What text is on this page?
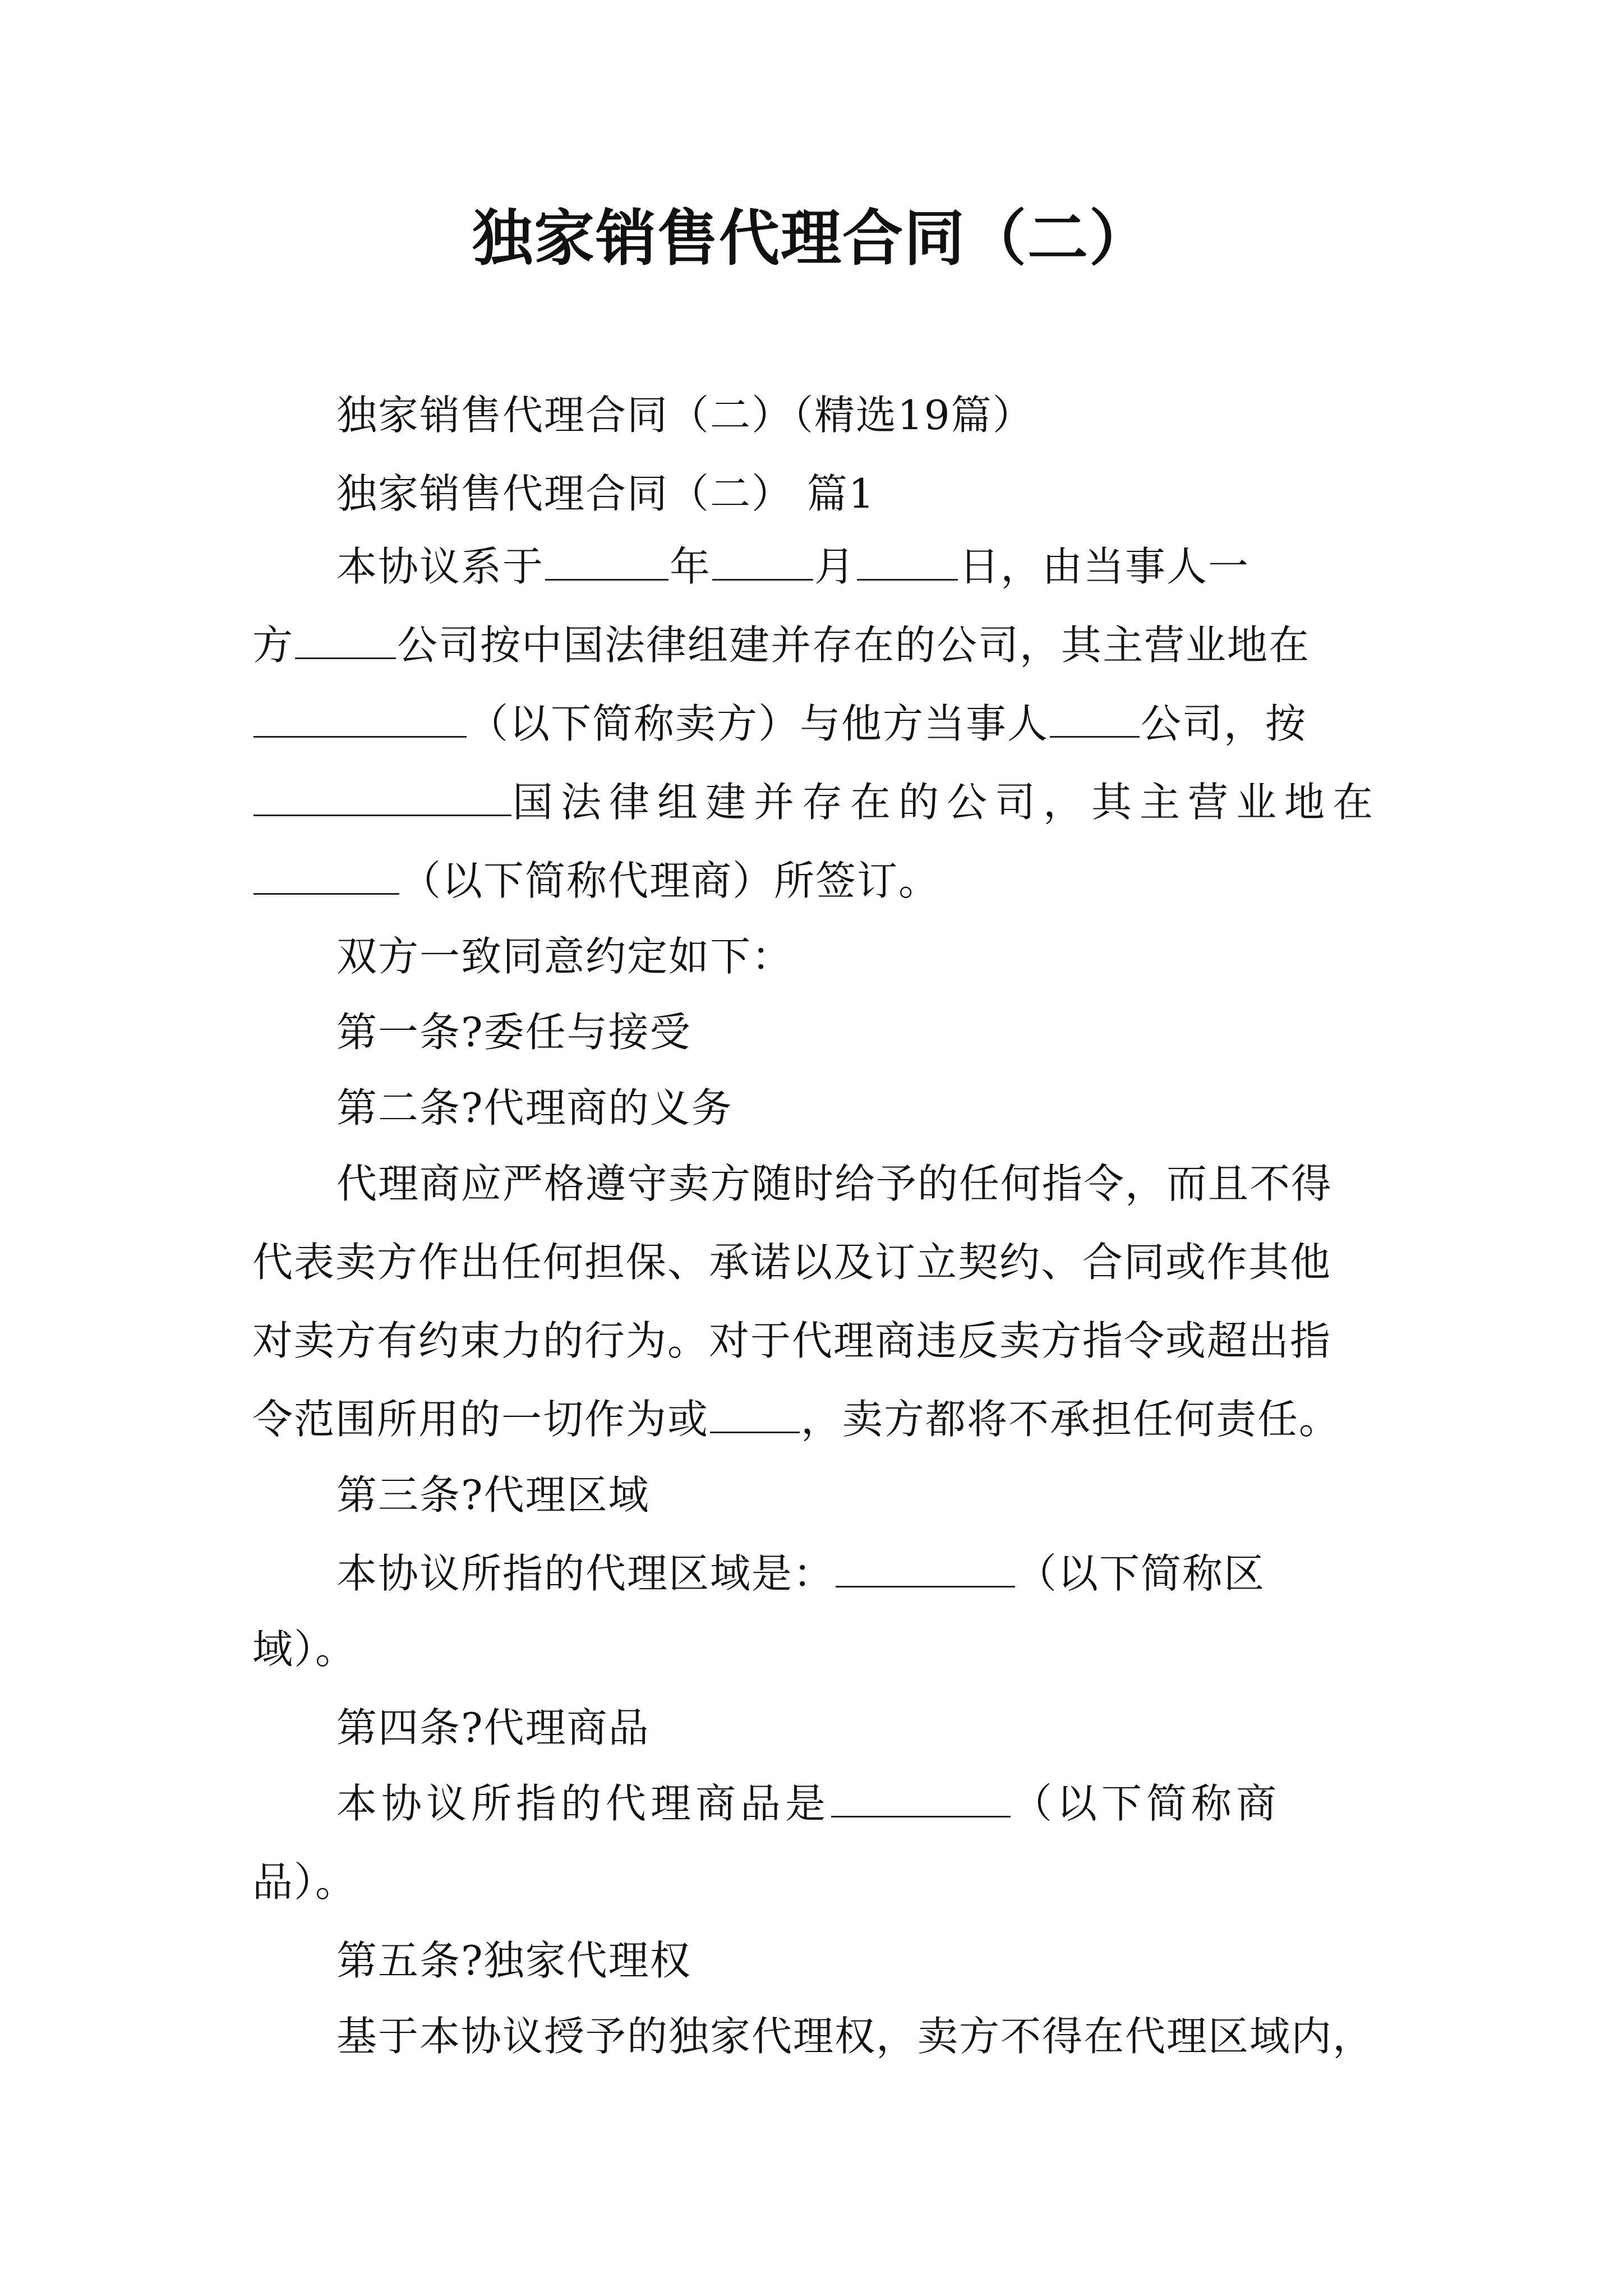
独家销售代理合同（二）
独家销售代理合同（二）（精选19篇）
独家销售代理合同（二） 篇1
本协议系于	年	月	日，由当事人一
方	公司按中国法律组建并存在的公司，其主营业地在
（以下简称卖方）与他方当事人 公司，按
国法律组建并存在的公司，其主营业地在
（以下简称代理商）所签订。
双方一致同意约定如下：
第一条?委任与接受
第二条?代理商的义务
代理商应严格遵守卖方随时给予的任何指令，而且不得
代表卖方作出任何担保、承诺以及订立契约、合同或作其他
对卖方有约束力的行为。对于代理商违反卖方指令或超出指
令范围所用的一切作为或 ，卖方都将不承担任何责任。
第三条?代理区域
本协议所指的代理区域是：	（以下简称区
域）。
第四条?代理商品
本协议所指的代理商品是	（以下简称商
品）。
第五条?独家代理权
基于本协议授予的独家代理权，卖方不得在代理区域内，
